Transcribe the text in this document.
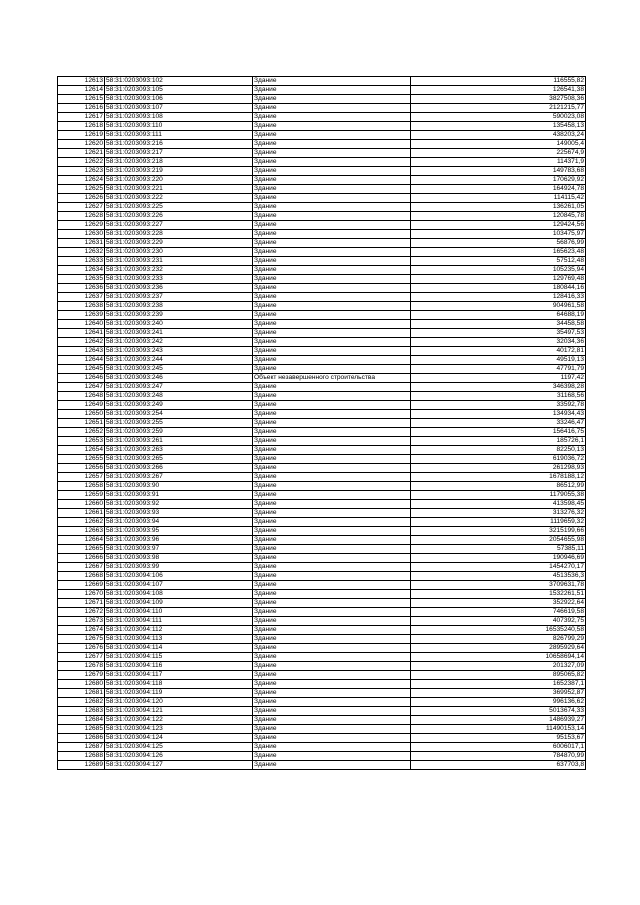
12613	58:31:0203093:102	Здание	116555,82
12614	58:31:0203093:105	Здание	126541,38
12615	58:31:0203093:106	Здание	3827508,36
12616	58:31:0203093:107	Здание	2121215,77
12617	58:31:0203093:108	Здание	590023,08
12618	58:31:0203093:110	Здание	135458,13
12619	58:31:0203093:111	Здание	438203,24
12620	58:31:0203093:216	Здание	149005,4
12621	58:31:0203093:217	Здание	225674,9
12622	58:31:0203093:218	Здание	114371,9
12623	58:31:0203093:219	Здание	149783,68
12624	58:31:0203093:220	Здание	170629,92
12625	58:31:0203093:221	Здание	164924,78
12626	58:31:0203093:222	Здание	114115,42
12627	58:31:0203093:225	Здание	136261,05
12628	58:31:0203093:226	Здание	120845,78
12629	58:31:0203093:227	Здание	129424,56
12630	58:31:0203093:228	Здание	103475,97
12631	58:31:0203093:229	Здание	56876,99
12632	58:31:0203093:230	Здание	165623,48
12633	58:31:0203093:231	Здание	57512,48
12634	58:31:0203093:232	Здание	105235,94
12635	58:31:0203093:233	Здание	129769,48
12636	58:31:0203093:236	Здание	180844,16
12637	58:31:0203093:237	Здание	128416,33
12638	58:31:0203093:238	Здание	904961,58
12639	58:31:0203093:239	Здание	64688,19
12640	58:31:0203093:240	Здание	34458,58
12641	58:31:0203093:241	Здание	35497,53
12642	58:31:0203093:242	Здание	32034,36
12643	58:31:0203093:243	Здание	40172,81
12644	58:31:0203093:244	Здание	49519,13
12645	58:31:0203093:245	Здание	47791,79
12646	58:31:0203093:246	Объект незавершенного строительства	1197,42
12647	58:31:0203093:247	Здание	346398,28
12648	58:31:0203093:248	Здание	31168,56
12649	58:31:0203093:249	Здание	33592,78
12650	58:31:0203093:254	Здание	134934,43
12651	58:31:0203093:255	Здание	33246,47
12652	58:31:0203093:259	Здание	156416,75
12653	58:31:0203093:261	Здание	185726,1
12654	58:31:0203093:263	Здание	82250,13
12655	58:31:0203093:265	Здание	619036,72
12656	58:31:0203093:266	Здание	261298,93
12657	58:31:0203093:267	Здание	1678188,12
12658	58:31:0203093:90	Здание	86512,99
12659	58:31:0203093:91	Здание	1179055,38
12660	58:31:0203093:92	Здание	413598,45
12661	58:31:0203093:93	Здание	313276,32
12662	58:31:0203093:94	Здание	1119659,32
12663	58:31:0203093:95	Здание	3215199,66
12664	58:31:0203093:96	Здание	2054655,98
12665	58:31:0203093:97	Здание	57385,11
12666	58:31:0203093:98	Здание	190946,69
12667	58:31:0203093:99	Здание	1454270,17
12668	58:31:0203094:106	Здание	4513536,3
12669	58:31:0203094:107	Здание	3709631,78
12670	58:31:0203094:108	Здание	1532261,51
12671	58:31:0203094:109	Здание	352922,64
12672	58:31:0203094:110	Здание	746619,58
12673	58:31:0203094:111	Здание	407392,75
12674	58:31:0203094:112	Здание	16535240,58
12675	58:31:0203094:113	Здание	826799,29
12676	58:31:0203094:114	Здание	2895929,64
12677	58:31:0203094:115	Здание	10658694,14
12678	58:31:0203094:116	Здание	201327,09
12679	58:31:0203094:117	Здание	895065,82
12680	58:31:0203094:118	Здание	1652387,1
12681	58:31:0203094:119	Здание	369952,87
12682	58:31:0203094:120	Здание	996136,62
12683	58:31:0203094:121	Здание	5013674,33
12684	58:31:0203094:122	Здание	1486939,27
12685	58:31:0203094:123	Здание	11490153,14
12686	58:31:0203094:124	Здание	95153,67
12687	58:31:0203094:125	Здание	6006017,1
12688	58:31:0203094:126	Здание	784870,99
12689	58:31:0203094:127	Здание	637703,8
